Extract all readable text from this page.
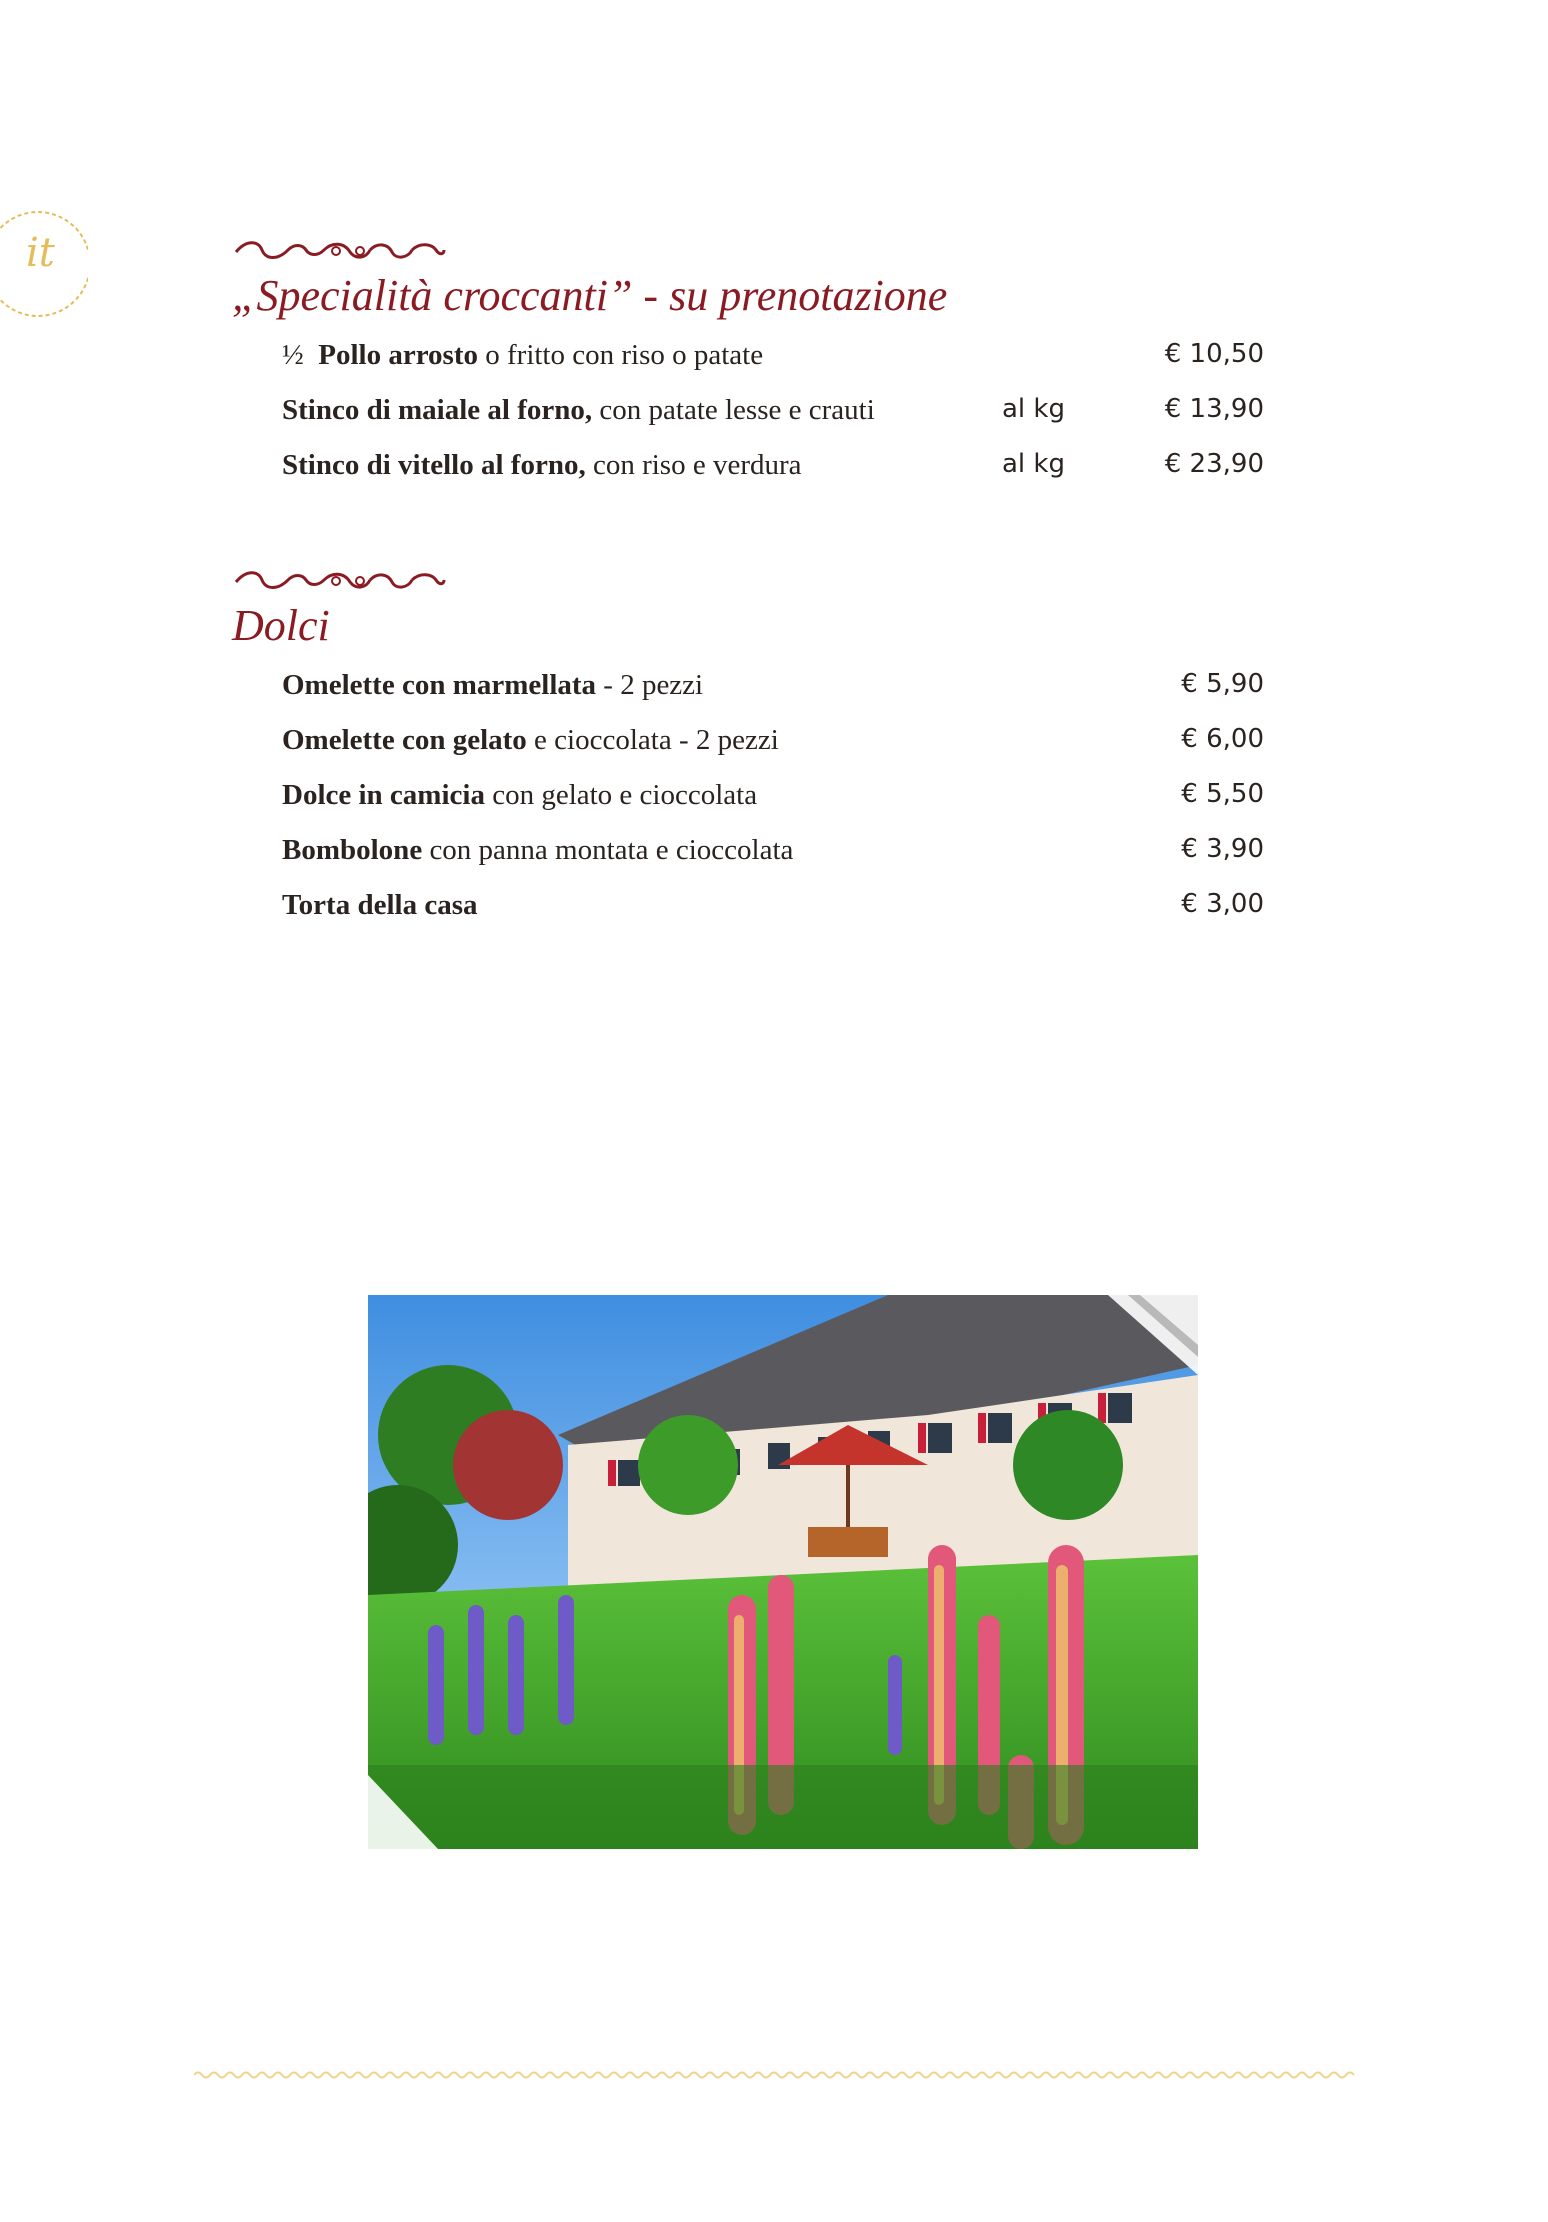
it
„Specialità croccanti” - su prenotazione
½ Pollo arrosto o fritto con riso o patate	€ 10,50
Stinco di maiale al forno, con patate lesse e crauti	al kg	€ 13,90
Stinco di vitello al forno, con riso e verdura	al kg	€ 23,90
Dolci
Omelette con marmellata - 2 pezzi	€ 5,90
Omelette con gelato e cioccolata - 2 pezzi	€ 6,00
Dolce in camicia con gelato e cioccolata	€ 5,50
Bombolone con panna montata e cioccolata	€ 3,90
Torta della casa	€ 3,00
